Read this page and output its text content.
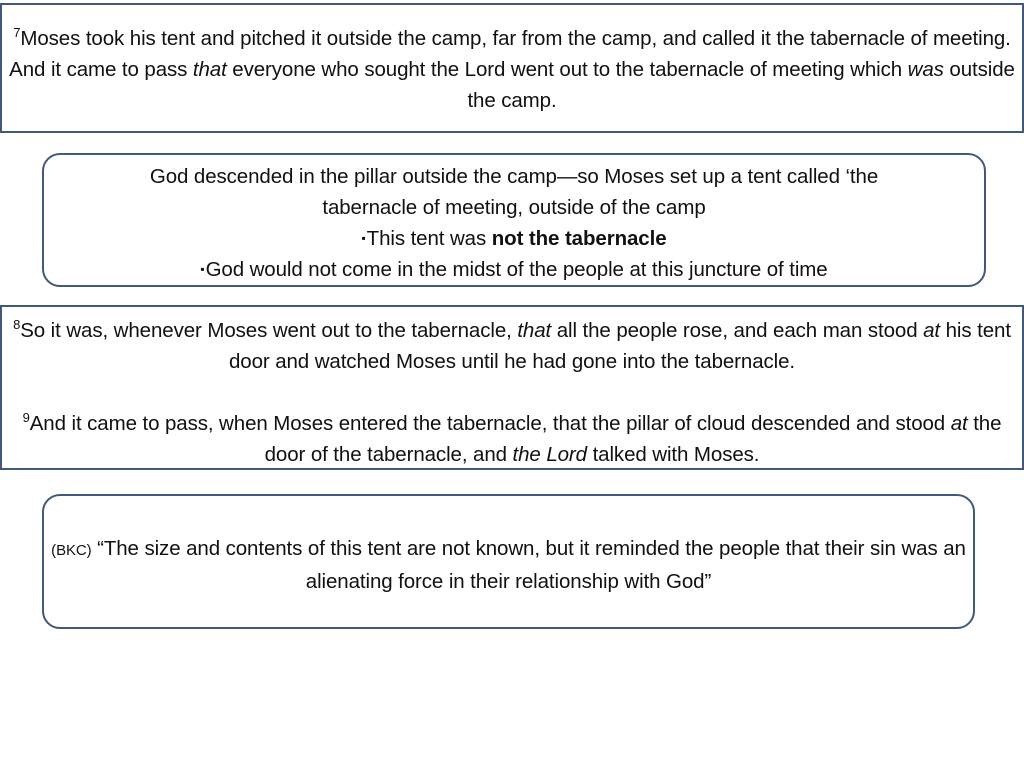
$^7$Moses took his tent and pitched it outside the camp, far from the camp, and called it the tabernacle of meeting. And it came to pass that everyone who sought the Lord went out to the tabernacle of meeting which was outside the camp.
God descended in the pillar outside the camp—so Moses set up a tent called ‘the
tabernacle of meeting, outside of the camp
▪This tent was not the tabernacle
▪God would not come in the midst of the people at this juncture of time
$^8$So it was, whenever Moses went out to the tabernacle, that all the people rose, and each man stood at his tent door and watched Moses until he had gone into the tabernacle.
$^9$And it came to pass, when Moses entered the tabernacle, that the pillar of cloud descended and stood at the door of the tabernacle, and the Lord talked with Moses.
(BKC) “The size and contents of this tent are not known, but it reminded the people that their sin was an alienating force in their relationship with God”
